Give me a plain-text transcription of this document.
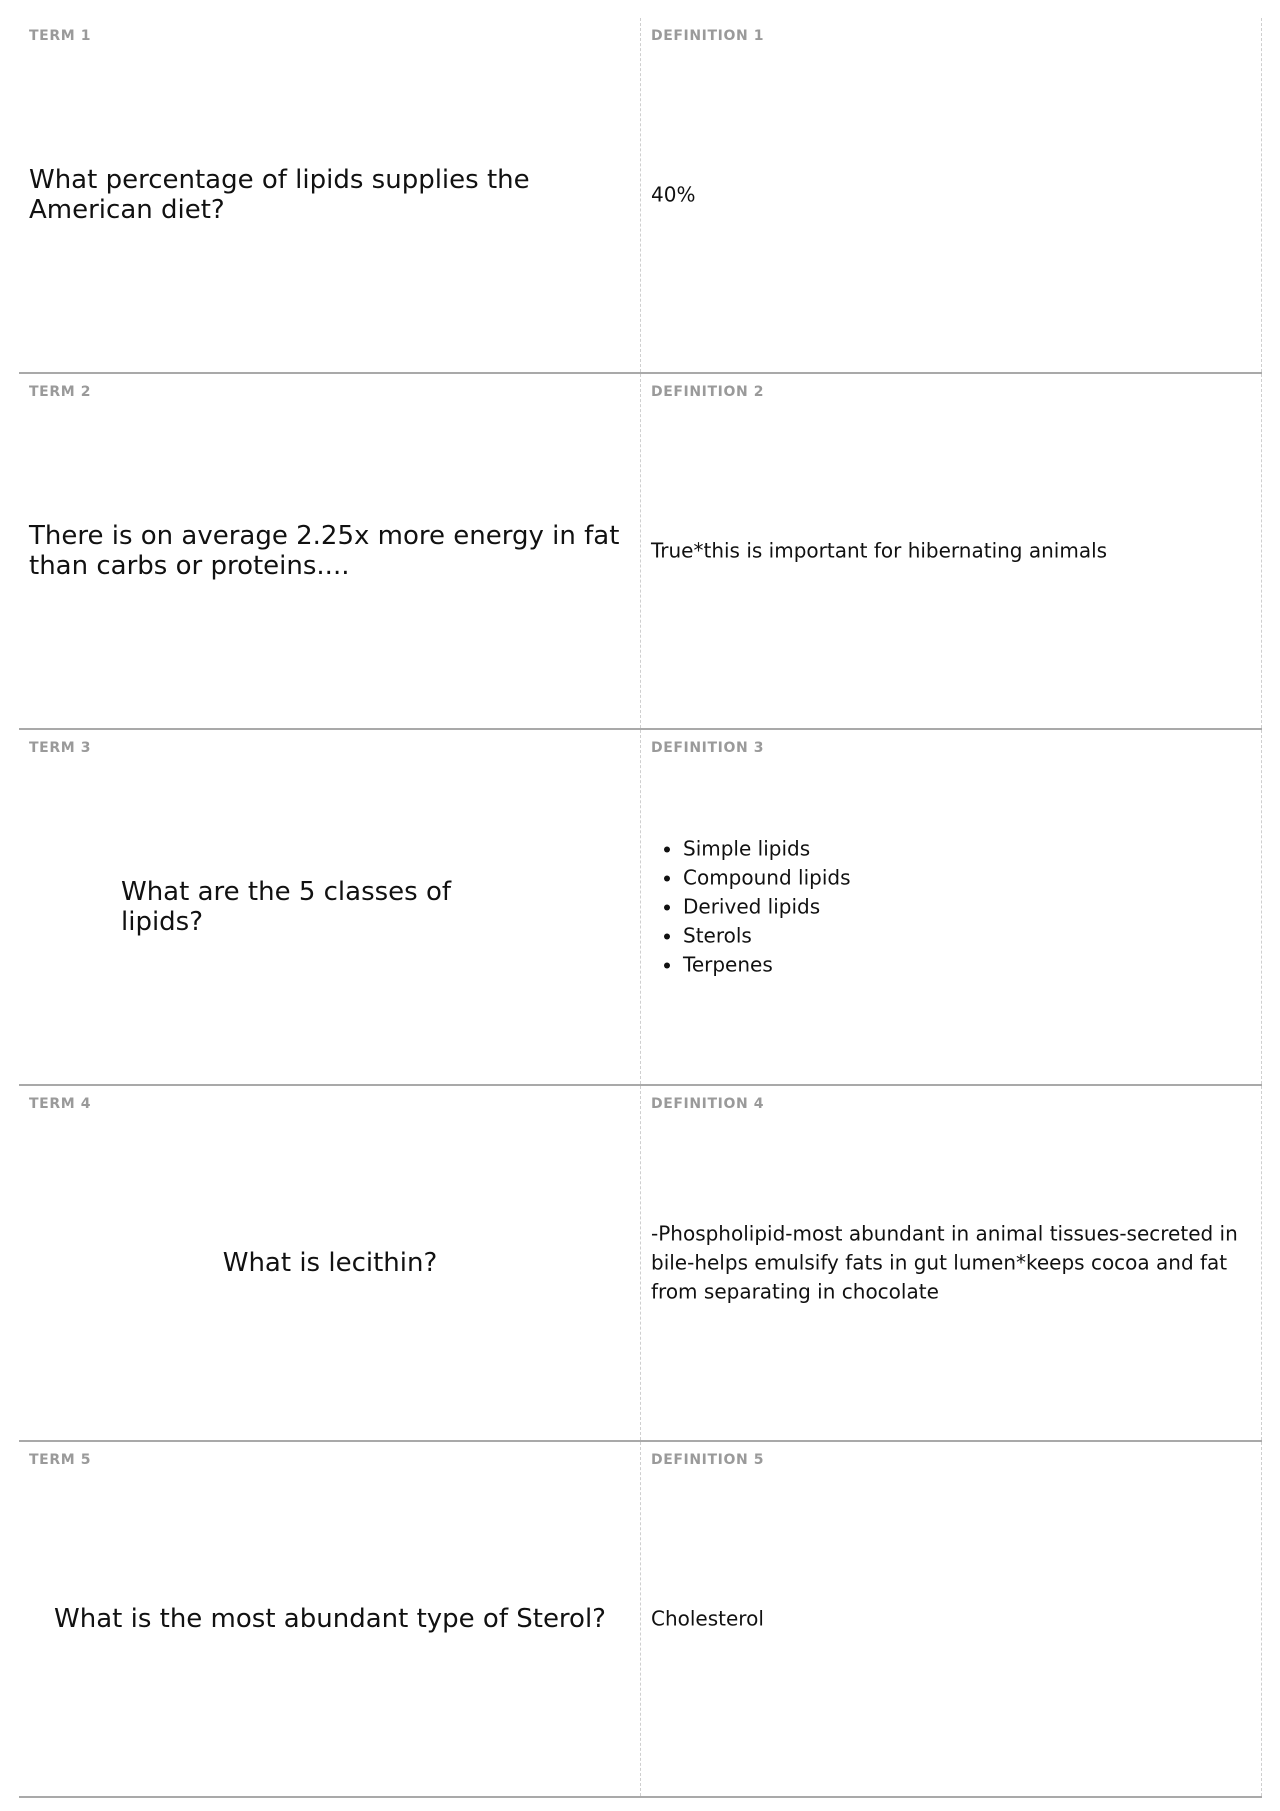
TERM 1
What percentage of lipids supplies the American diet?
DEFINITION 1
40%
TERM 2
There is on average 2.25x more energy in fat than carbs or proteins....
DEFINITION 2
True*this is important for hibernating animals
TERM 3
What are the 5 classes of lipids?
DEFINITION 3
• Simple lipids
• Compound lipids
• Derived lipids
• Sterols
• Terpenes
What is lecithin?
TERM 4	DEFINITION 4
-Phospholipid-most abundant in animal tissues-secreted in bile-helps emulsify fats in gut lumen*keeps cocoa and fat from separating in chocolate
What is the most abundant type of Sterol?
TERM 5	DEFINITION 5
Cholesterol
